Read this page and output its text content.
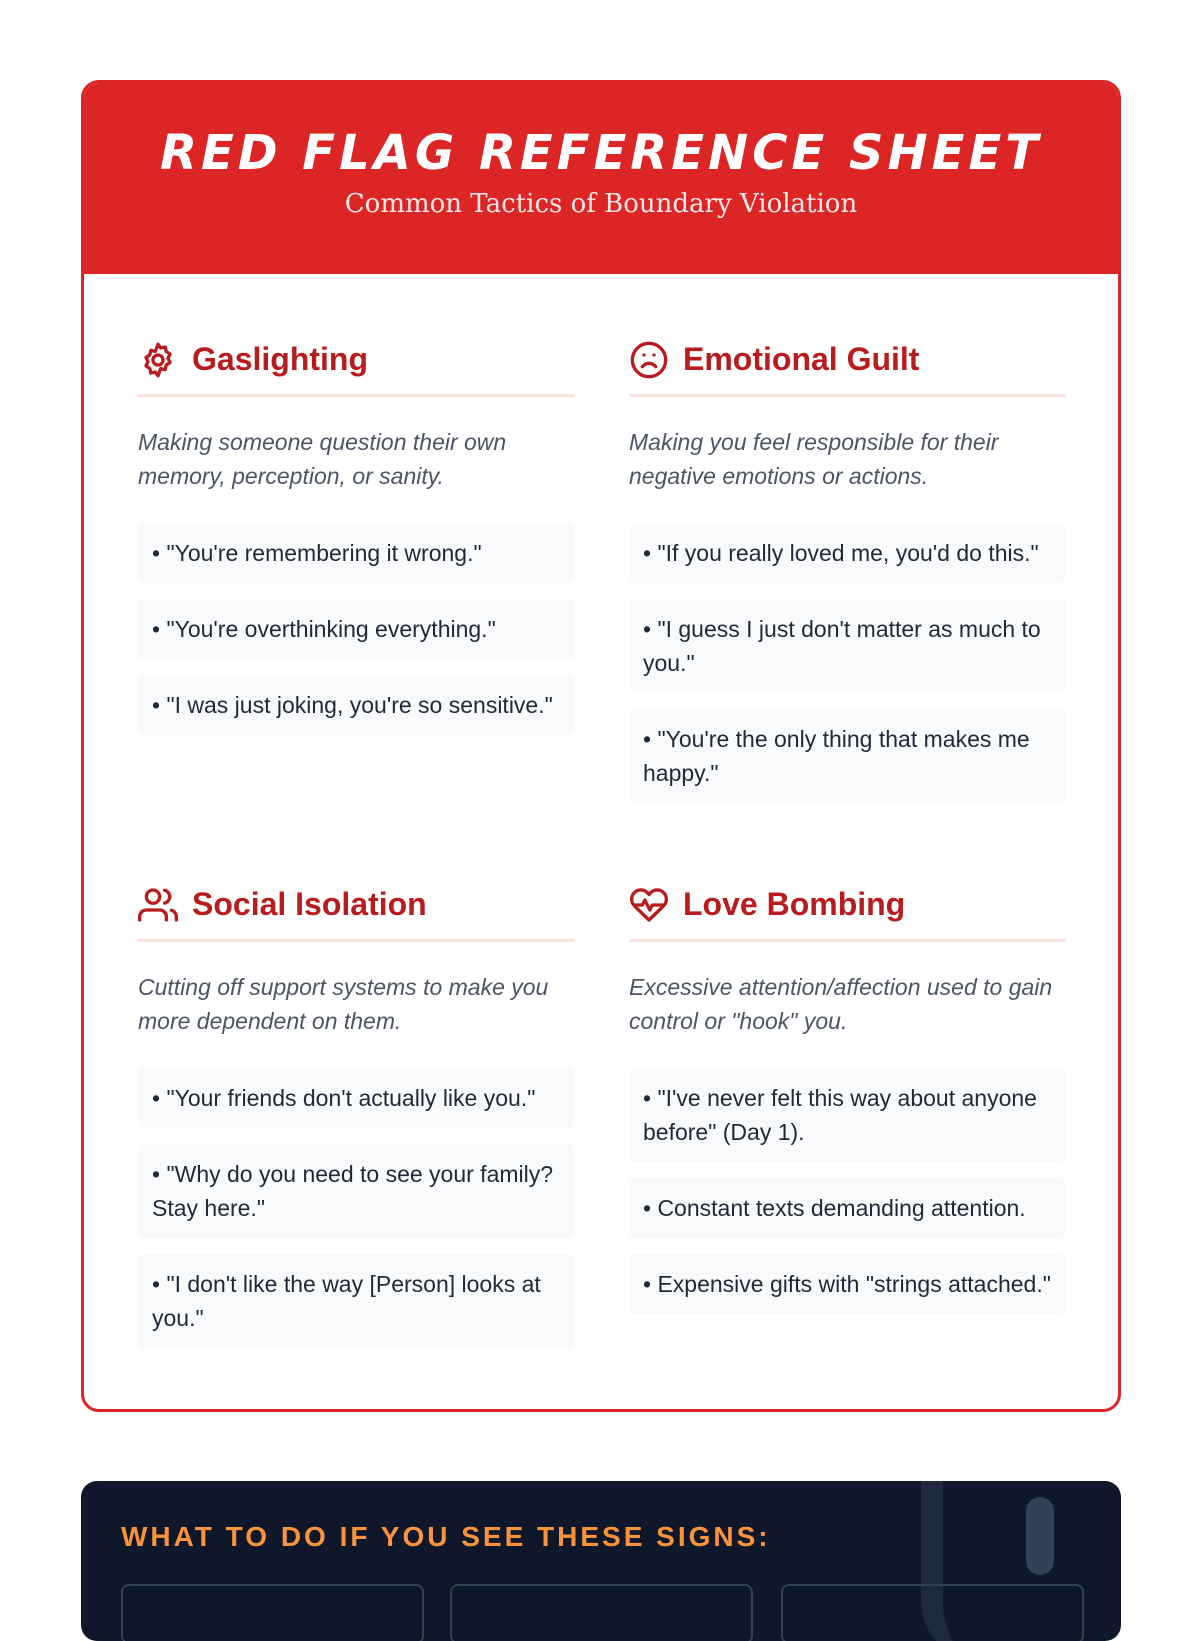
RED FLAG REFERENCE SHEET
Common Tactics of Boundary Violation
Gaslighting
Making someone question their own memory, perception, or sanity.
• "You're remembering it wrong."
• "You're overthinking everything."
• "I was just joking, you're so sensitive."
Emotional Guilt
Making you feel responsible for their negative emotions or actions.
• "If you really loved me, you'd do this."
• "I guess I just don't matter as much to you."
• "You're the only thing that makes me happy."
Social Isolation
Cutting off support systems to make you more dependent on them.
• "Your friends don't actually like you."
• "Why do you need to see your family? Stay here."
• "I don't like the way [Person] looks at you."
Love Bombing
Excessive attention/affection used to gain control or "hook" you.
• "I've never felt this way about anyone before" (Day 1).
• Constant texts demanding attention.
• Expensive gifts with "strings attached."
WHAT TO DO IF YOU SEE THESE SIGNS:
